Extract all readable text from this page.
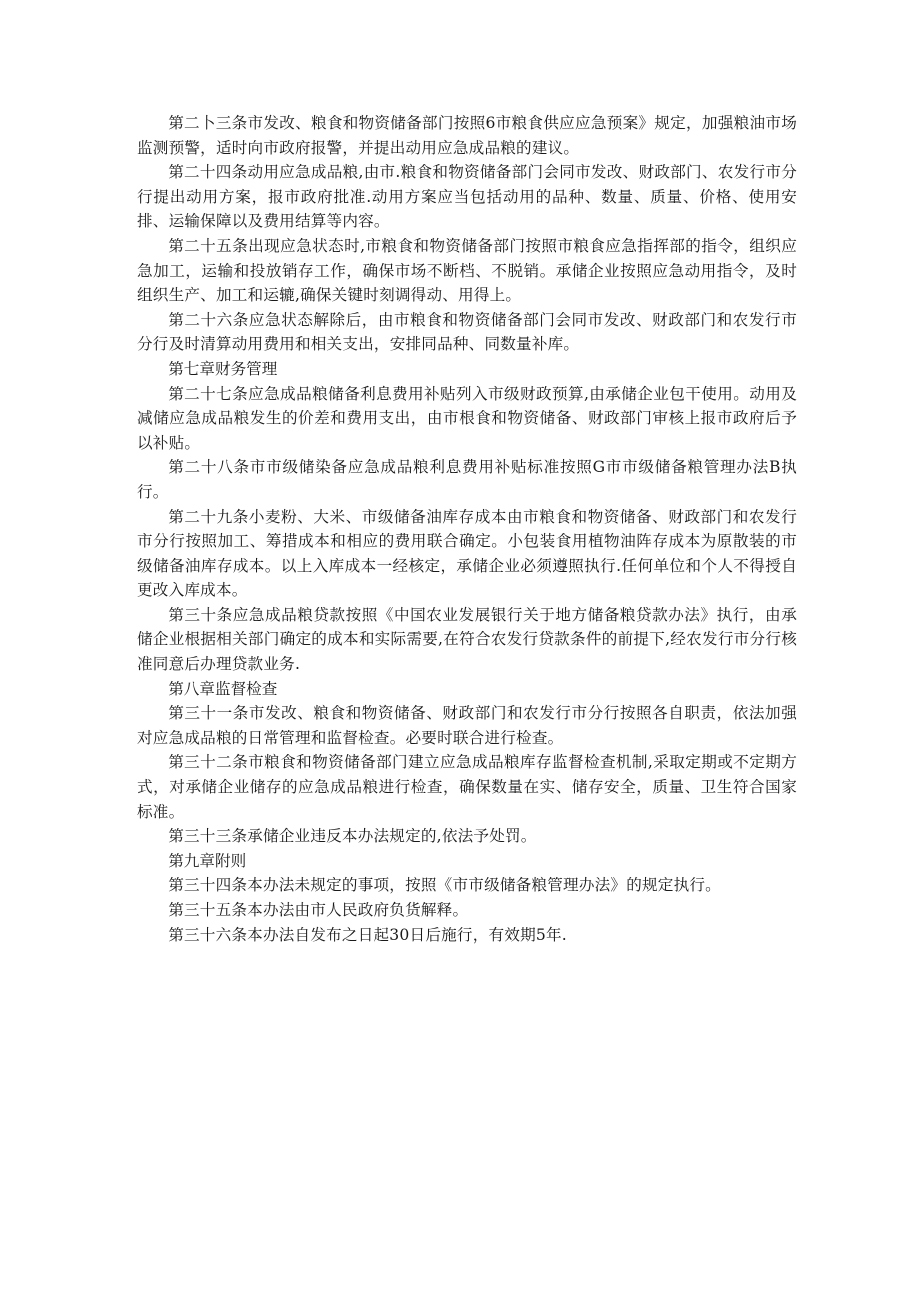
第二卜三条市发改、粮食和物资储备部门按照6市粮食供应应急预案》规定，加强粮油市场监测预警，适时向市政府报警，并提出动用应急成品粮的建议。

第二十四条动用应急成品粮,由市.粮食和物资储备部门会同市发改、财政部门、农发行市分行提出动用方案，报市政府批准.动用方案应当包括动用的品种、数量、质量、价格、使用安排、运输保障以及费用结算等内容。

第二十五条出现应急状态时,市粮食和物资储备部门按照市粮食应急指挥部的指令，组织应急加工，运输和投放销存工作，确保市场不断档、不脱销。承储企业按照应急动用指令，及时组织生产、加工和运辘,确保关键时刻调得动、用得上。

第二十六条应急状态解除后，由市粮食和物资储备部门会同市发改、财政部门和农发行市分行及时清算动用费用和相关支出，安排同品种、同数量补库。

第七章财务管理

第二十七条应急成品粮储备利息费用补贴列入市级财政预算,由承储企业包干使用。动用及减储应急成品粮发生的价差和费用支出，由市根食和物资储备、财政部门审核上报市政府后予以补贴。

第二十八条市市级储染备应急成品粮利息费用补贴标准按照G市市级储备粮管理办法B执行。

第二十九条小麦粉、大米、市级储备油库存成本由市粮食和物资储备、财政部门和农发行市分行按照加工、筹措成本和相应的费用联合确定。小包装食用植物油阵存成本为原散装的市级储备油库存成本。以上入库成本一经核定，承储企业必须遵照执行.任何单位和个人不得授自更改入库成本。

第三十条应急成品粮贷款按照《中国农业发展银行关于地方储备粮贷款办法》执行，由承储企业根据相关部门确定的成本和实际需要,在符合农发行贷款条件的前提下,经农发行市分行核准同意后办理贷款业务.

第八章监督检查

第三十一条市发改、粮食和物资储备、财政部门和农发行市分行按照各自职责，依法加强对应急成品粮的日常管理和监督检查。必要时联合进行检查。

第三十二条市粮食和物资储备部门建立应急成品粮库存监督检查机制,采取定期或不定期方式，对承储企业储存的应急成品粮进行检查，确保数量在实、储存安全，质量、卫生符合国家标准。

第三十三条承储企业违反本办法规定的,依法予处罚。

第九章附则

第三十四条本办法未规定的事项，按照《市市级储备粮管理办法》的规定执行。

第三十五条本办法由市人民政府负货解释。

第三十六条本办法自发布之日起30日后施行，有效期5年.
